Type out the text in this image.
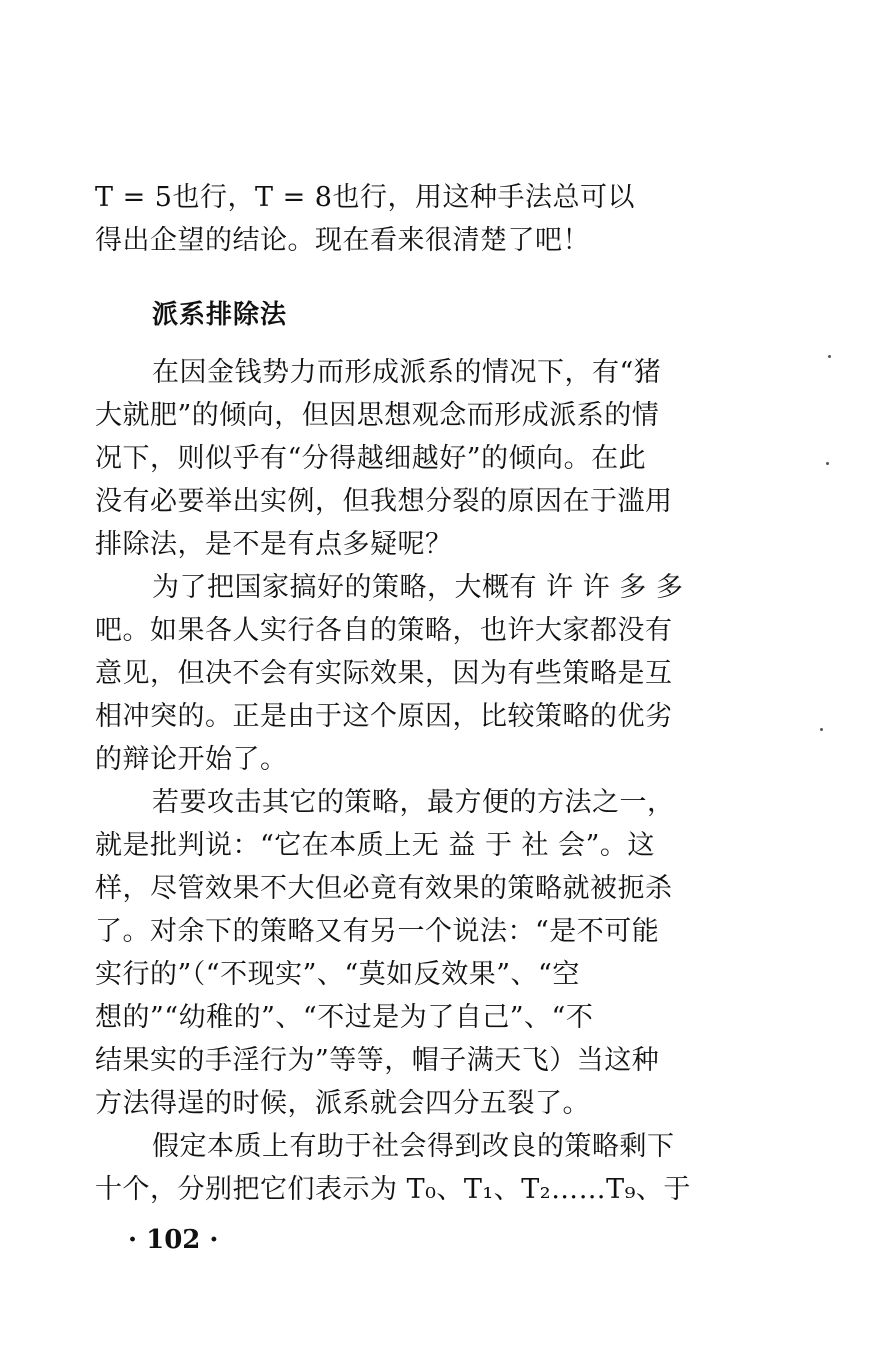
T = 5也行，T = 8也行，用这种手法总可以
得出企望的结论。现在看来很清楚了吧！
派系排除法
在因金钱势力而形成派系的情况下，有“猪
大就肥”的倾向，但因思想观念而形成派系的情
况下，则似乎有“分得越细越好”的倾向。在此
没有必要举出实例，但我想分裂的原因在于滥用
排除法，是不是有点多疑呢？
为了把国家搞好的策略，大概有 许 许 多 多
吧。如果各人实行各自的策略，也许大家都没有
意见，但决不会有实际效果，因为有些策略是互
相冲突的。正是由于这个原因，比较策略的优劣
的辩论开始了。
若要攻击其它的策略，最方便的方法之一，
就是批判说：“它在本质上无 益 于 社 会”。这
样，尽管效果不大但必竟有效果的策略就被扼杀
了。对余下的策略又有另一个说法：“是不可能
实行的”（“不现实”、“莫如反效果”、“空
想的”“幼稚的”、“不过是为了自己”、“不
结果实的手淫行为”等等，帽子满天飞）当这种
方法得逞的时候，派系就会四分五裂了。
假定本质上有助于社会得到改良的策略剩下
十个，分别把它们表示为 T₀、T₁、T₂……T₉、于
· 102 ·
